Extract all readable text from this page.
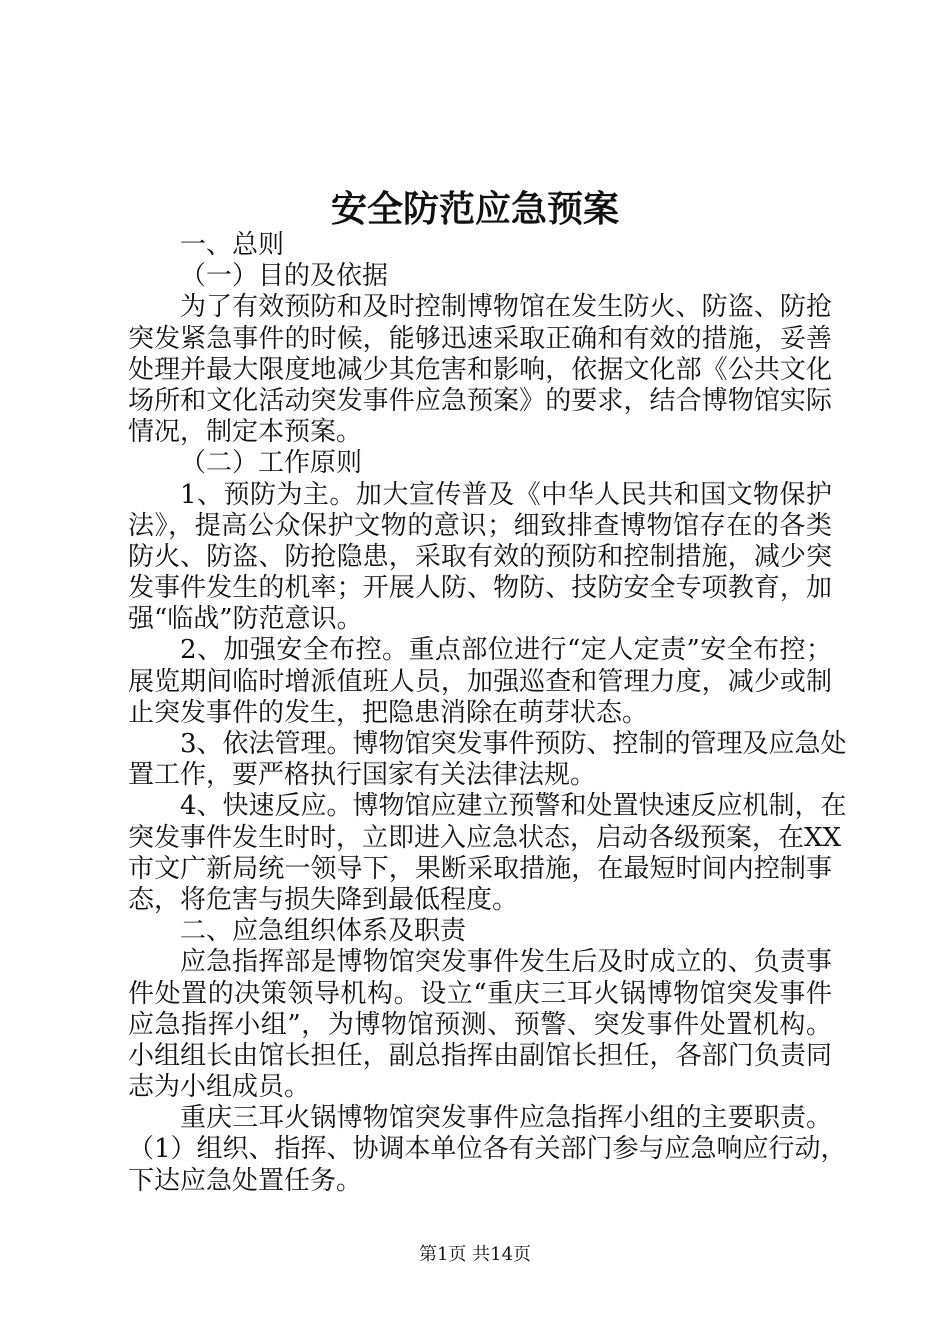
安全防范应急预案

一、总则

（一）目的及依据

为了有效预防和及时控制博物馆在发生防火、防盗、防抢

突发紧急事件的时候，能够迅速采取正确和有效的措施，妥善

处理并最大限度地减少其危害和影响，依据文化部《公共文化

场所和文化活动突发事件应急预案》的要求，结合博物馆实际

情况，制定本预案。

（二）工作原则

1、预防为主。加大宣传普及《中华人民共和国文物保护

法》，提高公众保护文物的意识；细致排查博物馆存在的各类

防火、防盗、防抢隐患，采取有效的预防和控制措施，减少突

发事件发生的机率；开展人防、物防、技防安全专项教育，加

强“临战”防范意识。

2、加强安全布控。重点部位进行“定人定责”安全布控；

展览期间临时增派值班人员，加强巡查和管理力度，减少或制

止突发事件的发生，把隐患消除在萌芽状态。

3、依法管理。博物馆突发事件预防、控制的管理及应急处

置工作，要严格执行国家有关法律法规。

4、快速反应。博物馆应建立预警和处置快速反应机制，在

突发事件发生时时，立即进入应急状态，启动各级预案，在XX

市文广新局统一领导下，果断采取措施，在最短时间内控制事

态，将危害与损失降到最低程度。

二、应急组织体系及职责

应急指挥部是博物馆突发事件发生后及时成立的、负责事

件处置的决策领导机构。设立“重庆三耳火锅博物馆突发事件

应急指挥小组”，为博物馆预测、预警、突发事件处置机构。

小组组长由馆长担任，副总指挥由副馆长担任，各部门负责同

志为小组成员。

重庆三耳火锅博物馆突发事件应急指挥小组的主要职责。

（1）组织、指挥、协调本单位各有关部门参与应急响应行动，

下达应急处置任务。

第1页 共14页
